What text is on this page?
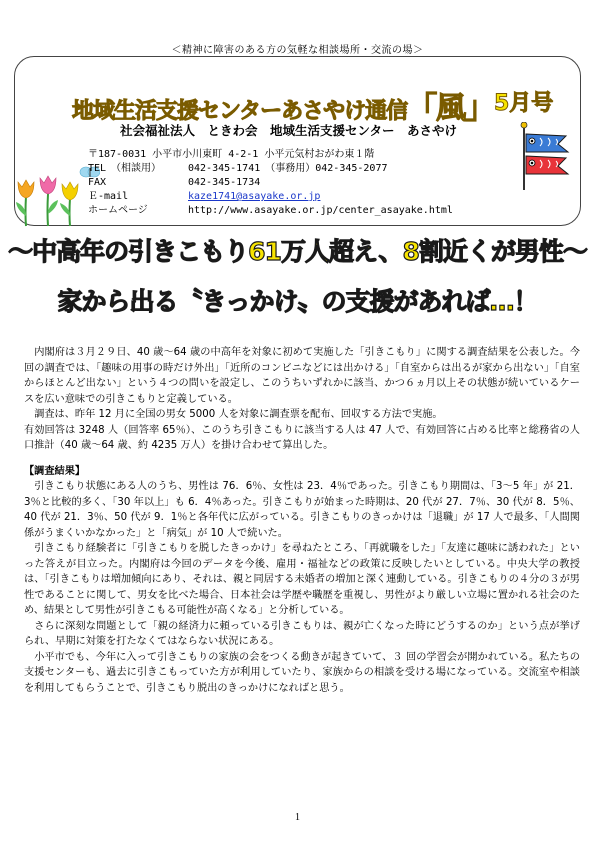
＜精神に障害のある方の気軽な相談場所・交流の場＞
地域生活支援センターあさやけ通信「風」 5月号
社会福祉法人　ときわ会　地域生活支援センター　あさやけ
〒187-0031 小平市小川東町 4-2-1 小平元気村おがわ東１階
TEL　（相談用）	042-345-1741　（事務用）042-345-2077
FAX	042-345-1734
Ｅ-mail	kaze1741@asayake.or.jp
ホームページ	http://www.asayake.or.jp/center_asayake.html
～中高年の引きこもり61万人超え、8割近くが男性～
家から出る〝きっかけ〟の支援があれば…！

内閣府は３月２９日、40 歳～64 歳の中高年を対象に初めて実施した「引きこもり」に関する調査結果を公表した。今回の調査では、「趣味の用事の時だけ外出」「近所のコンビニなどには出かける」「自室からは出るが家から出ない」「自室からほとんど出ない」という４つの問いを設定し、このうちいずれかに該当、かつ６ヵ月以上その状態が続いているケースを広い意味での引きこもりと定義している。

調査は、昨年 12 月に全国の男女 5000 人を対象に調査票を配布、回収する方法で実施。

有効回答は 3248 人（回答率 65％）、このうち引きこもりに該当する人は 47 人で、有効回答に占める比率と総務省の人口推計（40 歳～64 歳、約 4235 万人）を掛け合わせて算出した。

【調査結果】

引きこもり状態にある人のうち、男性は 76．6％、女性は 23．4％であった。引きこもり期間は、「3～5 年」が 21．3％と比較的多く、「30 年以上」も 6．4％あった。引きこもりが始まった時期は、20 代が 27．7％、30 代が 8．5％、40 代が 21．3％、50 代が 9．1％と各年代に広がっている。引きこもりのきっかけは「退職」が 17 人で最多、「人間関係がうまくいかなかった」と「病気」が 10 人で続いた。

引きこもり経験者に「引きこもりを脱したきっかけ」を尋ねたところ、「再就職をした」「友達に趣味に誘われた」といった答えが目立った。内閣府は今回のデータを今後、雇用・福祉などの政策に反映したいとしている。中央大学の教授は、「引きこもりは増加傾向にあり、それは、親と同居する未婚者の増加と深く連動している。引きこもりの４分の３が男性であることに関して、男女を比べた場合、日本社会は学歴や職歴を重視し、男性がより厳しい立場に置かれる社会のため、結果として男性が引きこもる可能性が高くなる」と分析している。

さらに深刻な問題として「親の経済力に頼っている引きこもりは、親が亡くなった時にどうするのか」という点が挙げられ、早期に対策を打たなくてはならない状況にある。

小平市でも、今年に入って引きこもりの家族の会をつくる動きが起きていて、３ 回の学習会が開かれている。私たちの支援センターも、過去に引きこもっていた方が利用していたり、家族からの相談を受ける場になっている。交流室や相談を利用してもらうことで、引きこもり脱出のきっかけになればと思う。

1
